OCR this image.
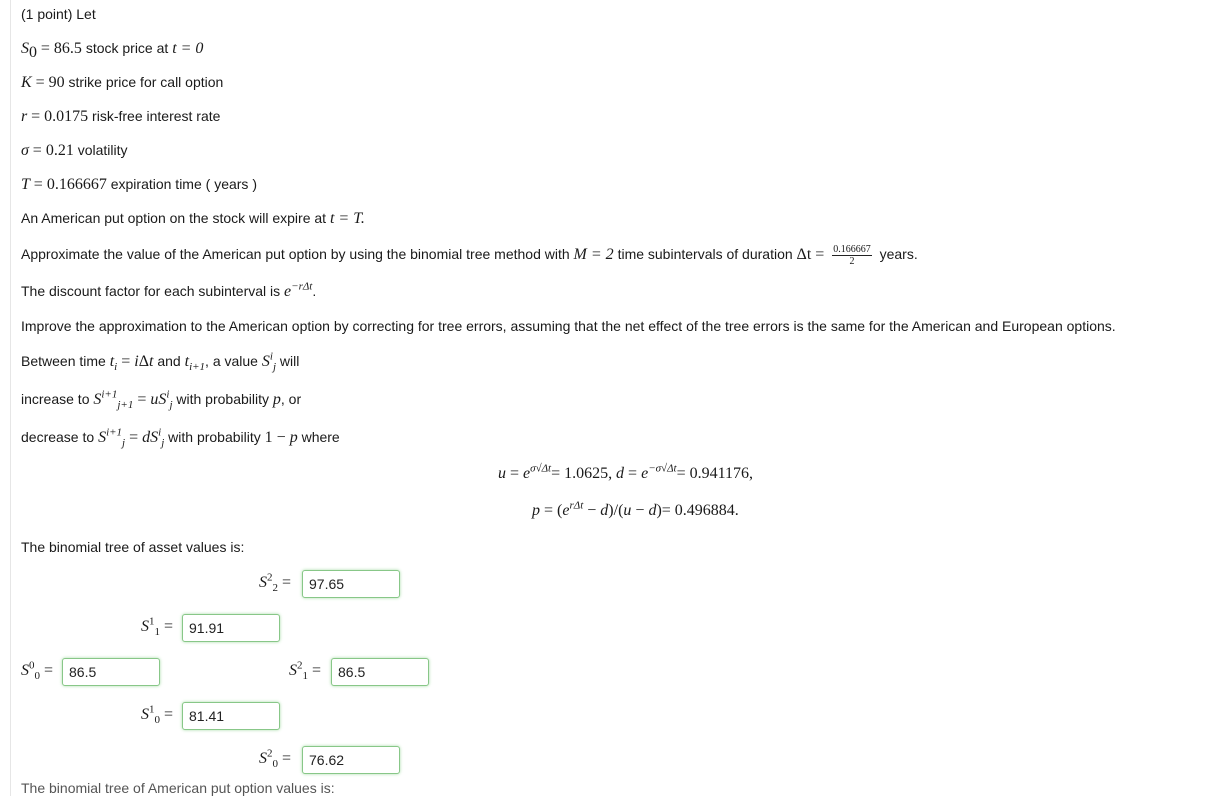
(1 point) Let
$S_0 = 86.5$ stock price at t = 0
K = 90 strike price for call option
r = 0.0175 risk-free interest rate
σ = 0.21 volatility
T = 0.166667 expiration time ( years )
An American put option on the stock will expire at t = T.
Approximate the value of the American put option by using the binomial tree method with M = 2 time subintervals of duration $\Delta t = \frac{0.166667}{2}$ years.
The discount factor for each subinterval is $e^{-r\Delta t}$.
Improve the approximation to the American option by correcting for tree errors, assuming that the net effect of the tree errors is the same for the American and European options.
Between time $t_i = i\Delta t$ and $t_{i+1}$, a value $S^i_j$ will
increase to $S^{i+1}_{j+1} = uS^i_j$ with probability p, or
decrease to $S^{i+1}_j = dS^i_j$ with probability 1 − p where
$u = e^{\sigma√\Delta t}= 1.0625$, $d = e^{-\sigma√\Delta t}= 0.941176$,
$p = (e^{r\Delta t} - d)/(u - d)= 0.496884$.
The binomial tree of asset values is:
$S^2_2$ =	97.65
$S^1_1$ =	91.91
$S^0_0$ =	86.5	$S^2_1$ =	86.5
$S^1_0$ =	81.41
$S^2_0$ =	76.62
The binomial tree of American put option values is:
